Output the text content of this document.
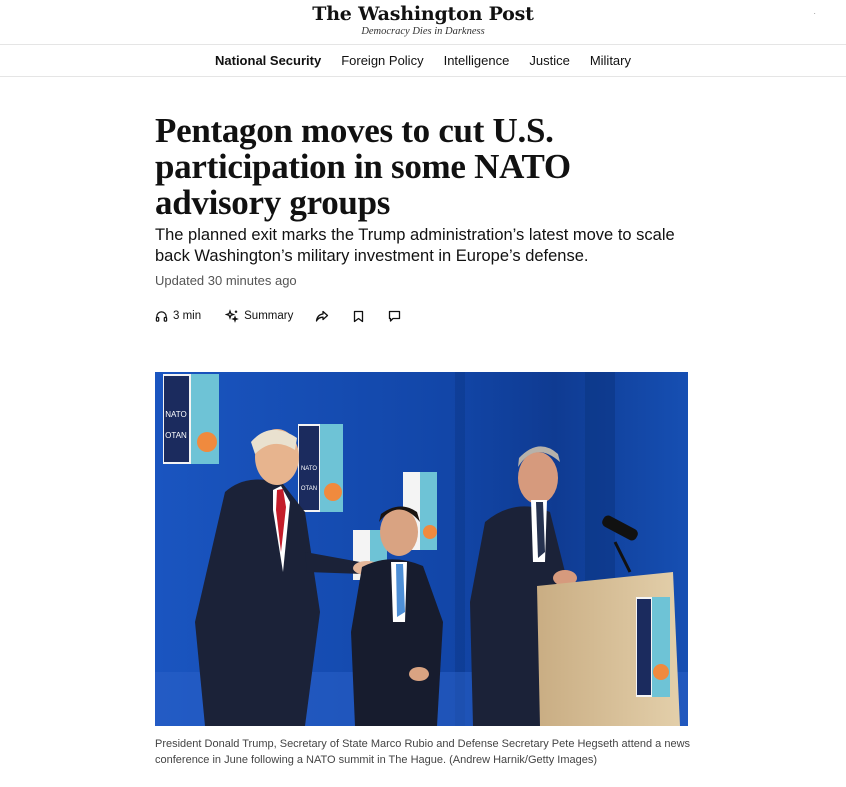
The Washington Post
Democracy Dies in Darkness
·
National Security	Foreign Policy	Intelligence	Justice	Military
Pentagon moves to cut U.S. participation in some NATO advisory groups

The planned exit marks the Trump administration’s latest move to scale back Washington’s military investment in Europe’s defense.

Updated 30 minutes ago
3 min	Summary
NATO
OTAN
NATO
OTAN
President Donald Trump, Secretary of State Marco Rubio and Defense Secretary Pete Hegseth attend a news conference in June following a NATO summit in The Hague. (Andrew Harnik/Getty Images)
